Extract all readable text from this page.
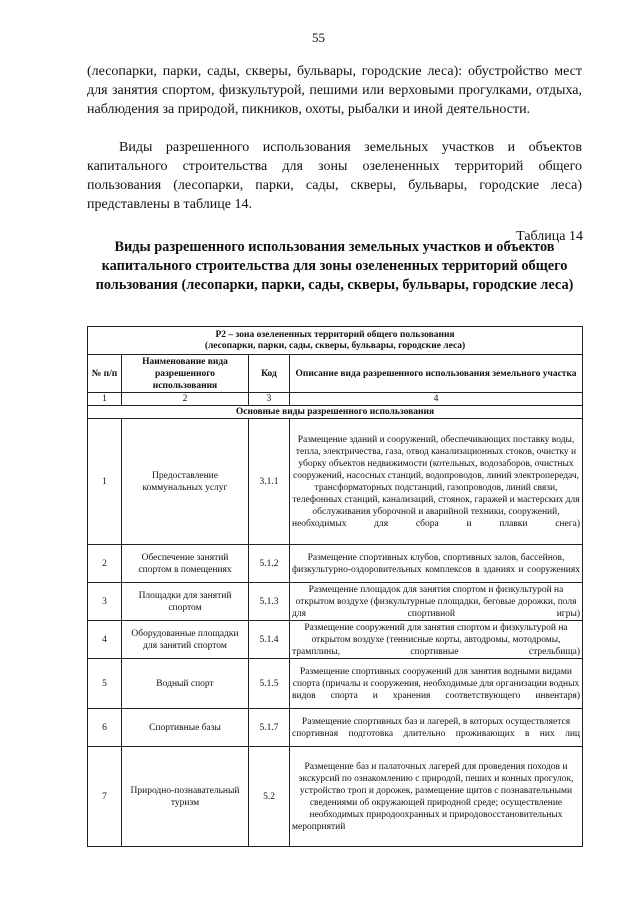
55

(лесопарки, парки, сады, скверы, бульвары, городские леса): обустройство мест для занятия спортом, физкультурой, пешими или верховыми прогулками, отдыха, наблюдения за природой, пикников, охоты, рыбалки и иной деятельности.

Виды разрешенного использования земельных участков и объектов капитального строительства для зоны озелененных территорий общего пользования (лесопарки, парки, сады, скверы, бульвары, городские леса) представлены в таблице 14.

Таблица 14
Виды разрешенного использования земельных участков и объектов капитального строительства для зоны озелененных территорий общего пользования (лесопарки, парки, сады, скверы, бульвары, городские леса)
Р2 – зона озелененных территорий общего пользования
(лесопарки, парки, сады, скверы, бульвары, городские леса)			

№ п/п	Наименование вида разрешенного использования	Код	Описание вида разрешенного использования земельного участка
1	2	3	4
Основные виды разрешенного использования			
1	Предоставление коммунальных услуг	3.1.1	Размещение зданий и сооружений, обеспечивающих поставку воды, тепла, электричества, газа, отвод канализационных стоков, очистку и уборку объектов недвижимости (котельных, водозаборов, очистных сооружений, насосных станций, водопроводов, линий электропередач, трансформаторных подстанций, газопроводов, линий связи, телефонных станций, канализаций, стоянок, гаражей и мастерских для обслуживания уборочной и аварийной техники, сооружений, необходимых для сбора и плавки снега)
2	Обеспечение занятий спортом в помещениях	5.1.2	Размещение спортивных клубов, спортивных залов, бассейнов, физкультурно-оздоровительных комплексов в зданиях и сооружениях
3	Площадки для занятий спортом	5.1.3	Размещение площадок для занятия спортом и физкультурой на открытом воздухе (физкультурные площадки, беговые дорожки, поля для спортивной игры)
4	Оборудованные площадки для занятий спортом	5.1.4	Размещение сооружений для занятия спортом и физкультурой на открытом воздухе (теннисные корты, автодромы, мотодромы, трамплины, спортивные стрельбища)
5	Водный спорт	5.1.5	Размещение спортивных сооружений для занятия водными видами спорта (причалы и сооружения, необходимые для организации водных видов спорта и хранения соответствующего инвентаря)
6	Спортивные базы	5.1.7	Размещение спортивных баз и лагерей, в которых осуществляется спортивная подготовка длительно проживающих в них лиц
7	Природно-познавательный туризм	5.2	Размещение баз и палаточных лагерей для проведения походов и экскурсий по ознакомлению с природой, пеших и конных прогулок, устройство троп и дорожек, размещение щитов с познавательными сведениями об окружающей природной среде; осуществление необходимых природоохранных и природовосстановительных мероприятий
